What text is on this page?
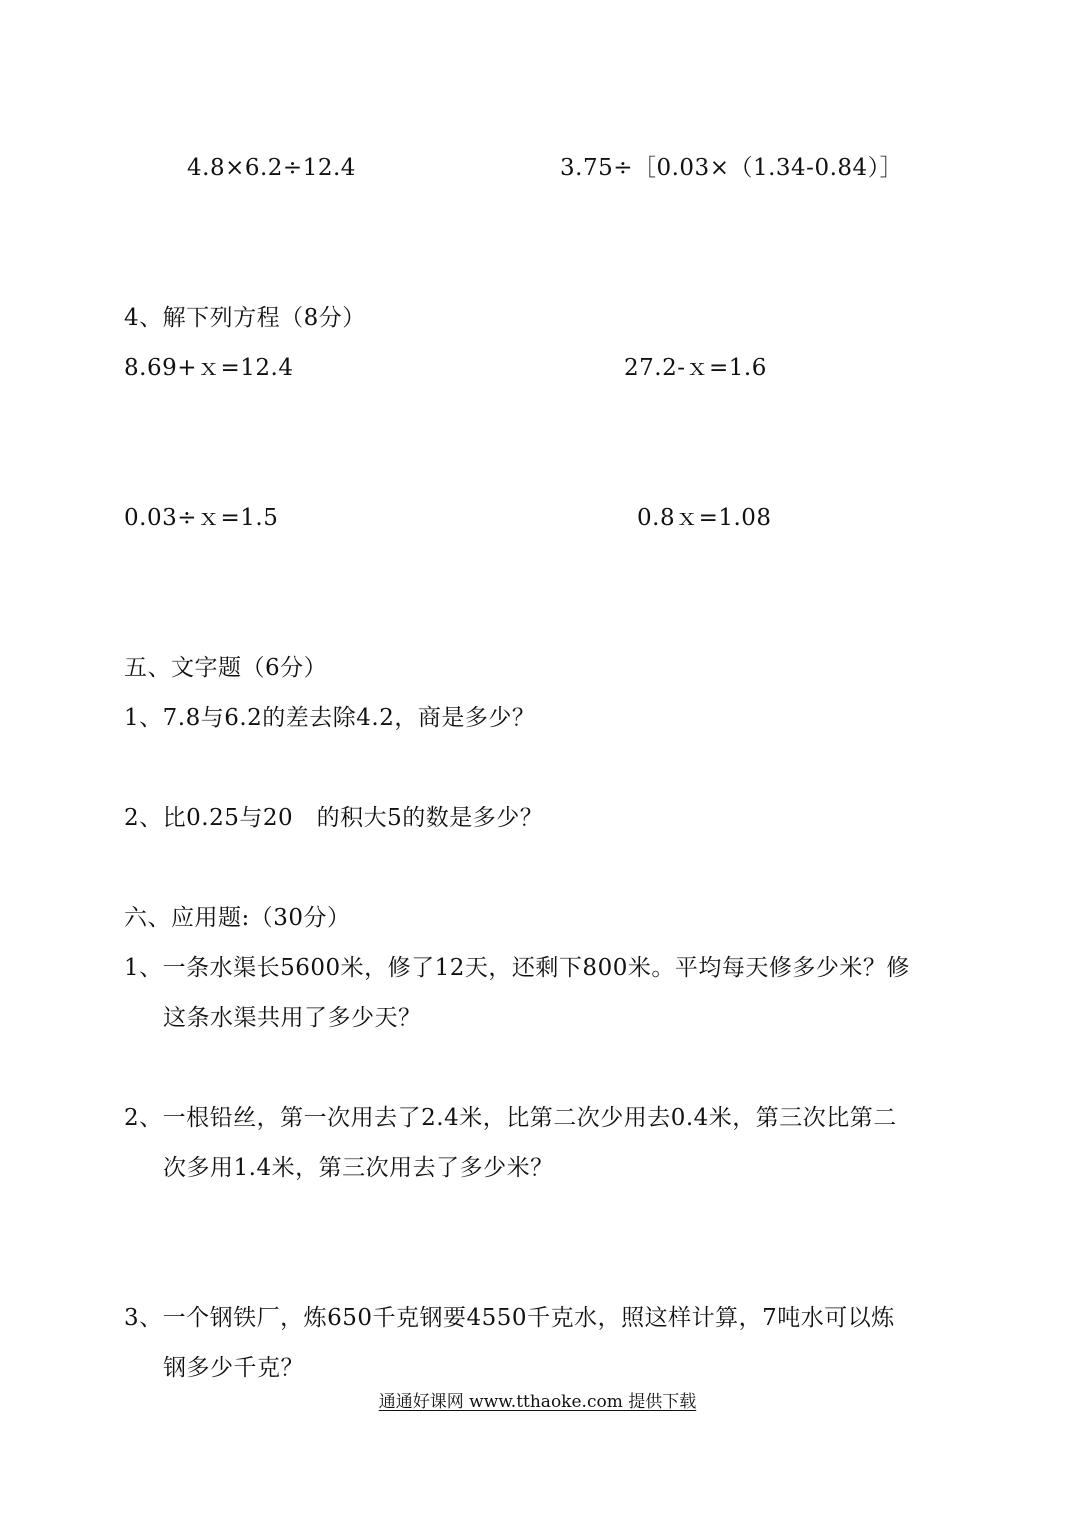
4.8×6.2÷12.4	3.75÷［0.03×（1.34-0.84）］
4、解下列方程（8分）
8.69+ｘ=12.4	27.2-ｘ=1.6
0.03÷ｘ=1.5	0.8ｘ=1.08
五、文字题（6分）
1、7.8与6.2的差去除4.2，商是多少？
2、比0.25与20　的积大5的数是多少？
六、应用题:（30分）
1、一条水渠长5600米，修了12天，还剩下800米。平均每天修多少米？修
这条水渠共用了多少天？
2、一根铅丝，第一次用去了2.4米，比第二次少用去0.4米，第三次比第二
次多用1.4米，第三次用去了多少米？
3、一个钢铁厂，炼650千克钢要4550千克水，照这样计算，7吨水可以炼
钢多少千克？
通通好课网 www.tthaoke.com 提供下载
